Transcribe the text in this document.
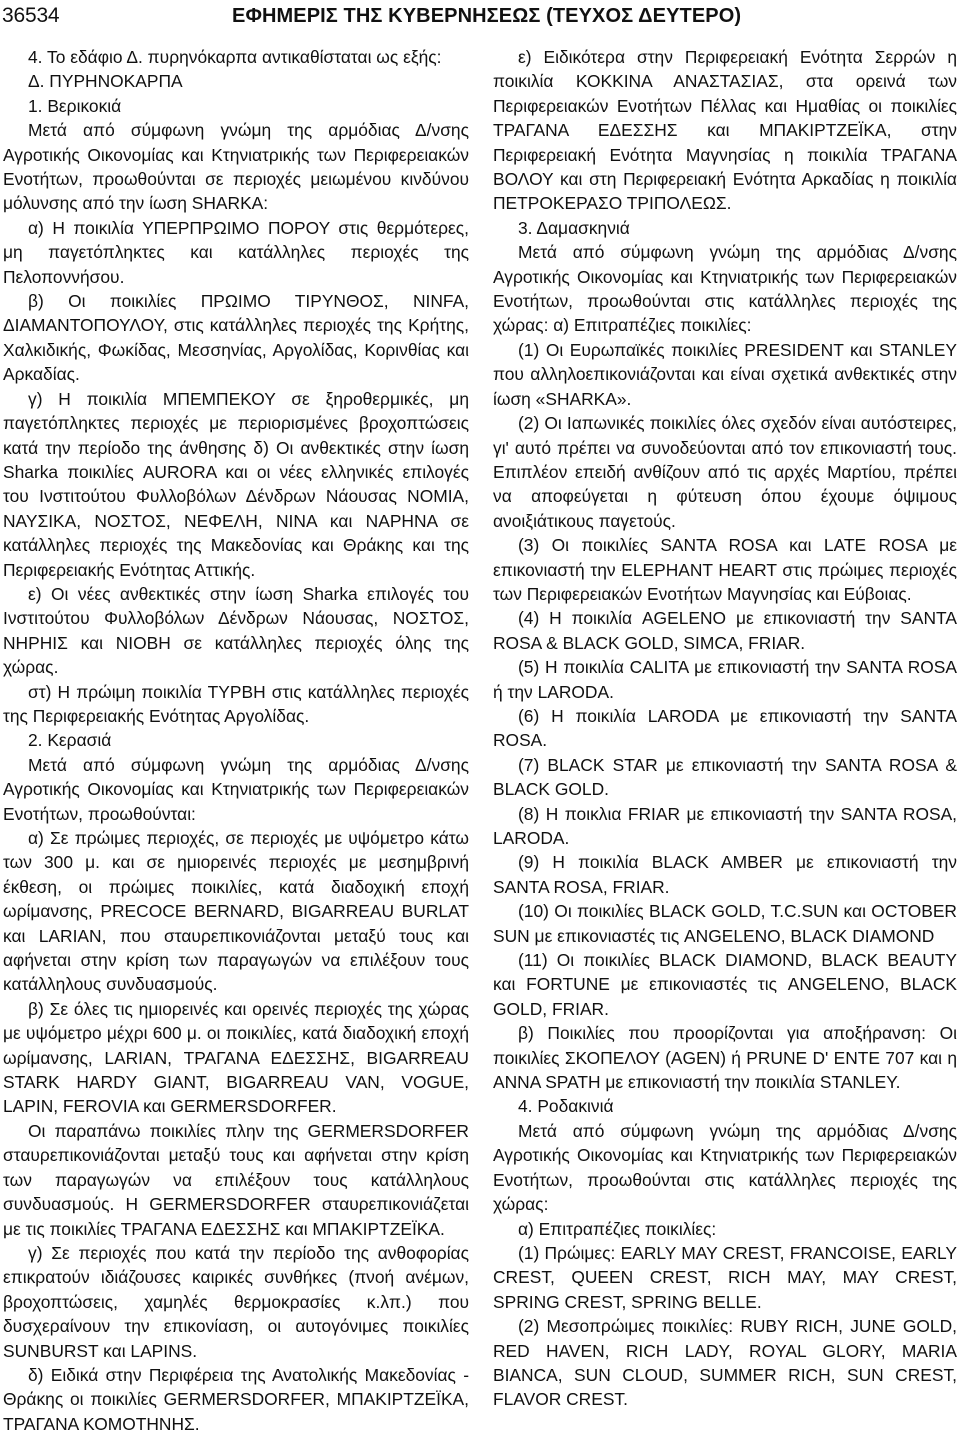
36534	ΕΦΗΜΕΡΙΣ ΤΗΣ ΚΥΒΕΡΝΗΣΕΩΣ (ΤΕΥΧΟΣ ΔΕΥΤΕΡΟ)

4. Το εδάφιο Δ. πυρηνόκαρπα αντικαθίσταται ως εξής:

Δ. ΠΥΡΗΝΟΚΑΡΠΑ

1. Βερικοκιά

Μετά από σύμφωνη γνώμη της αρμόδιας Δ/νσης Αγροτικής Οικονομίας και Κτηνιατρικής των Περιφερειακών Ενοτήτων, προωθούνται σε περιοχές μειωμένου κινδύνου μόλυνσης από την ίωση SHARKA:

α) Η ποικιλία ΥΠΕΡΠΡΩΙΜΟ ΠΟΡΟΥ στις θερμότερες, μη παγετόπληκτες και κατάλληλες περιοχές της Πελοποννήσου.

β) Οι ποικιλίες ΠΡΩΙΜΟ ΤΙΡΥΝΘΟΣ, NINFA, ΔΙΑΜΑΝΤΟΠΟΥΛΟΥ, στις κατάλληλες περιοχές της Κρήτης, Χαλκιδικής, Φωκίδας, Μεσσηνίας, Αργολίδας, Κορινθίας και Αρκαδίας.

γ) Η ποικιλία ΜΠΕΜΠΕΚΟΥ σε ξηροθερμικές, μη παγετόπληκτες περιοχές με περιορισμένες βροχοπτώσεις κατά την περίοδο της άνθησης δ) Οι ανθεκτικές στην ίωση Sharka ποικιλίες AURORA και οι νέες ελληνικές επιλογές του Ινστιτούτου Φυλλοβόλων Δένδρων Νάουσας ΝΟΜΙΑ, ΝΑΥΣΙΚΑ, ΝΟΣΤΟΣ, ΝΕΦΕΛΗ, ΝΙΝΑ και ΝΑΡΗΝΑ σε κατάλληλες περιοχές της Μακεδονίας και Θράκης και της Περιφερειακής Ενότητας Αττικής.

ε) Οι νέες ανθεκτικές στην ίωση Sharka επιλογές του Ινστιτούτου Φυλλοβόλων Δένδρων Νάουσας, ΝΟΣΤΟΣ, ΝΗΡΗΙΣ και ΝΙΟΒΗ σε κατάλληλες περιοχές όλης της χώρας.

στ) Η πρώιμη ποικιλία ΤΥΡΒΗ στις κατάλληλες περιοχές της Περιφερειακής Ενότητας Αργολίδας.

2. Κερασιά

Μετά από σύμφωνη γνώμη της αρμόδιας Δ/νσης Αγροτικής Οικονομίας και Κτηνιατρικής των Περιφερειακών Ενοτήτων, προωθούνται:

α) Σε πρώιμες περιοχές, σε περιοχές με υψόμετρο κάτω των 300 μ. και σε ημιορεινές περιοχές με μεσημβρινή έκθεση, οι πρώιμες ποικιλίες, κατά διαδοχική εποχή ωρίμανσης, PRECOCE BERNARD, BIGARREAU BURLAT και LARIAN, που σταυρεπικονιάζονται μεταξύ τους και αφήνεται στην κρίση των παραγωγών να επιλέξουν τους κατάλληλους συνδυασμούς.

β) Σε όλες τις ημιορεινές και ορεινές περιοχές της χώρας με υψόμετρο μέχρι 600 μ. οι ποικιλίες, κατά διαδοχική εποχή ωρίμανσης, LARIAN, ΤΡΑΓΑΝΑ ΕΔΕΣΣΗΣ, BIGARREAU STARK HARDY GIANT, BIGARREAU VAN, VOGUE, LAPIN, FEROVIA και GERMERSDORFER.

Οι παραπάνω ποικιλίες πλην της GERMERSDORFER σταυρεπικονιάζονται μεταξύ τους και αφήνεται στην κρίση των παραγωγών να επιλέξουν τους κατάλληλους συνδυασμούς. Η GERMERSDORFER σταυρεπικονιάζεται με τις ποικιλίες ΤΡΑΓΑΝΑ ΕΔΕΣΣΗΣ και ΜΠΑΚΙΡΤΖΕΪΚΑ.

γ) Σε περιοχές που κατά την περίοδο της ανθοφορίας επικρατούν ιδιάζουσες καιρικές συνθήκες (πνοή ανέμων, βροχοπτώσεις, χαμηλές θερμοκρασίες κ.λπ.) που δυσχεραίνουν την επικονίαση, οι αυτογόνιμες ποικιλίες SUNBURST και LAPINS.

δ) Ειδικά στην Περιφέρεια της Ανατολικής Μακεδονίας - Θράκης οι ποικιλίες GERMERSDORFER, ΜΠΑΚΙΡΤΖΕΪΚΑ, ΤΡΑΓΑΝΑ ΚΟΜΟΤΗΝΗΣ.

ε) Ειδικότερα στην Περιφερειακή Ενότητα Σερρών η ποικιλία ΚΟΚΚΙΝΑ ΑΝΑΣΤΑΣΙΑΣ, στα ορεινά των Περιφερειακών Ενοτήτων Πέλλας και Ημαθίας οι ποικιλίες ΤΡΑΓΑΝΑ ΕΔΕΣΣΗΣ και ΜΠΑΚΙΡΤΖΕΪΚΑ, στην Περιφερειακή Ενότητα Μαγνησίας η ποικιλία ΤΡΑΓΑΝΑ ΒΟΛΟΥ και στη Περιφερειακή Ενότητα Αρκαδίας η ποικιλία ΠΕΤΡΟΚΕΡΑΣΟ ΤΡΙΠΟΛΕΩΣ.

3. Δαμασκηνιά

Μετά από σύμφωνη γνώμη της αρμόδιας Δ/νσης Αγροτικής Οικονομίας και Κτηνιατρικής των Περιφερειακών Ενοτήτων, προωθούνται στις κατάλληλες περιοχές της χώρας: α) Επιτραπέζιες ποικιλίες:

(1) Οι Ευρωπαϊκές ποικιλίες PRESIDENT και STANLEY που αλληλοεπικονιάζονται και είναι σχετικά ανθεκτικές στην ίωση «SHARKA».

(2) Οι Ιαπωνικές ποικιλίες όλες σχεδόν είναι αυτόστειρες, γι' αυτό πρέπει να συνοδεύονται από τον επικονιαστή τους. Επιπλέον επειδή ανθίζουν από τις αρχές Μαρτίου, πρέπει να αποφεύγεται η φύτευση όπου έχουμε όψιμους ανοιξιάτικους παγετούς.

(3) Οι ποικιλίες SANTA ROSA και LATE ROSA με επικονιαστή την ELEPHANT HEART στις πρώιμες περιοχές των Περιφερειακών Ενοτήτων Μαγνησίας και Εύβοιας.

(4) Η ποικιλία AGELENO με επικονιαστή την SANTA ROSA & BLACK GOLD, SIMCA, FRIAR.

(5) Η ποικιλία CALITA με επικονιαστή την SANTA ROSA ή την LARODA.

(6) Η ποικιλία LARODA με επικονιαστή την SANTA ROSA.

(7) BLACK STAR με επικονιαστή την SANTA ROSA & BLACK GOLD.

(8) Η ποικλια FRIAR με επικονιαστή την SANTA ROSA, LARODA.

(9) Η ποικιλία BLACK AMBER με επικονιαστή την SANTA ROSA, FRIAR.

(10) Οι ποικιλίες BLACK GOLD, T.C.SUN και OCTOBER SUN με επικονιαστές τις ANGELENO, BLACK DIAMOND

(11) Οι ποικιλίες BLACK DIAMOND, BLACK BEAUTY και FORTUNE με επικονιαστές τις ANGELENO, BLACK GOLD, FRIAR.

β) Ποικιλίες που προορίζονται για αποξήρανση: Οι ποικιλίες ΣΚΟΠΕΛΟΥ (AGEN) ή PRUNE D' ENTE 707 και η ANNA SPATH με επικονιαστή την ποικιλία STANLEY.

4. Ροδακινιά

Μετά από σύμφωνη γνώμη της αρμόδιας Δ/νσης Αγροτικής Οικονομίας και Κτηνιατρικής των Περιφερειακών Ενοτήτων, προωθούνται στις κατάλληλες περιοχές της χώρας:

α) Επιτραπέζιες ποικιλίες:

(1) Πρώιμες: EARLY MAY CREST, FRANCOISE, EARLY CREST, QUEEN CREST, RICH MAY, MAY CREST, SPRING CREST, SPRING BELLE.

(2) Μεσοπρώιμες ποικιλίες: RUBY RICH, JUNE GOLD, RED HAVEN, RICH LADY, ROYAL GLORY, MARIA BIANCA, SUN CLOUD, SUMMER RICH, SUN CREST, FLAVOR CREST.
